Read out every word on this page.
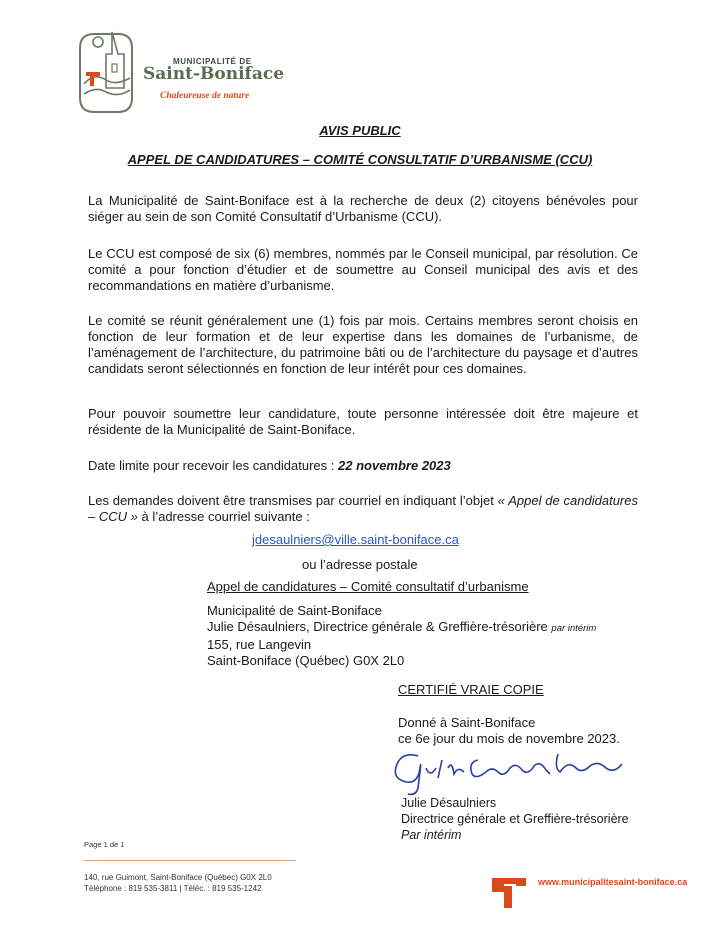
MUNICIPALITÉ DE
Saint-Boniface
Chaleureuse de nature
AVIS PUBLIC
APPEL DE CANDIDATURES – COMITÉ CONSULTATIF D’URBANISME (CCU)
La Municipalité de Saint-Boniface est à la recherche de deux (2) citoyens bénévoles pour siéger au sein de son Comité Consultatif d’Urbanisme (CCU).
Le CCU est composé de six (6) membres, nommés par le Conseil municipal, par résolution. Ce comité a pour fonction d’étudier et de soumettre au Conseil municipal des avis et des recommandations en matière d’urbanisme.
Le comité se réunit généralement une (1) fois par mois. Certains membres seront choisis en fonction de leur formation et de leur expertise dans les domaines de l’urbanisme, de l’aménagement de l’architecture, du patrimoine bâti ou de l’architecture du paysage et d’autres candidats seront sélectionnés en fonction de leur intérêt pour ces domaines.
Pour pouvoir soumettre leur candidature, toute personne intéressée doit être majeure et résidente de la Municipalité de Saint-Boniface.
Date limite pour recevoir les candidatures : 22 novembre 2023
Les demandes doivent être transmises par courriel en indiquant l’objet « Appel de candidatures – CCU » à l’adresse courriel suivante :
jdesaulniers@ville.saint-boniface.ca
ou l’adresse postale
Appel de candidatures – Comité consultatif d’urbanisme
Municipalité de Saint-Boniface
Julie Désaulniers, Directrice générale & Greffière-trésorière par intérim
155, rue Langevin
Saint-Boniface (Québec) G0X 2L0
CERTIFIÉ VRAIE COPIE
Donné à Saint-Boniface
ce 6e jour du mois de novembre 2023.
Julie Désaulniers
Directrice générale et Greffière-trésorière
Par intérim
Page 1 de 1
140, rue Guimont, Saint-Boniface (Québec) G0X 2L0
Téléphone : 819 535-3811 | Téléc. : 819 535-1242
www.municipalitesaint-boniface.ca
